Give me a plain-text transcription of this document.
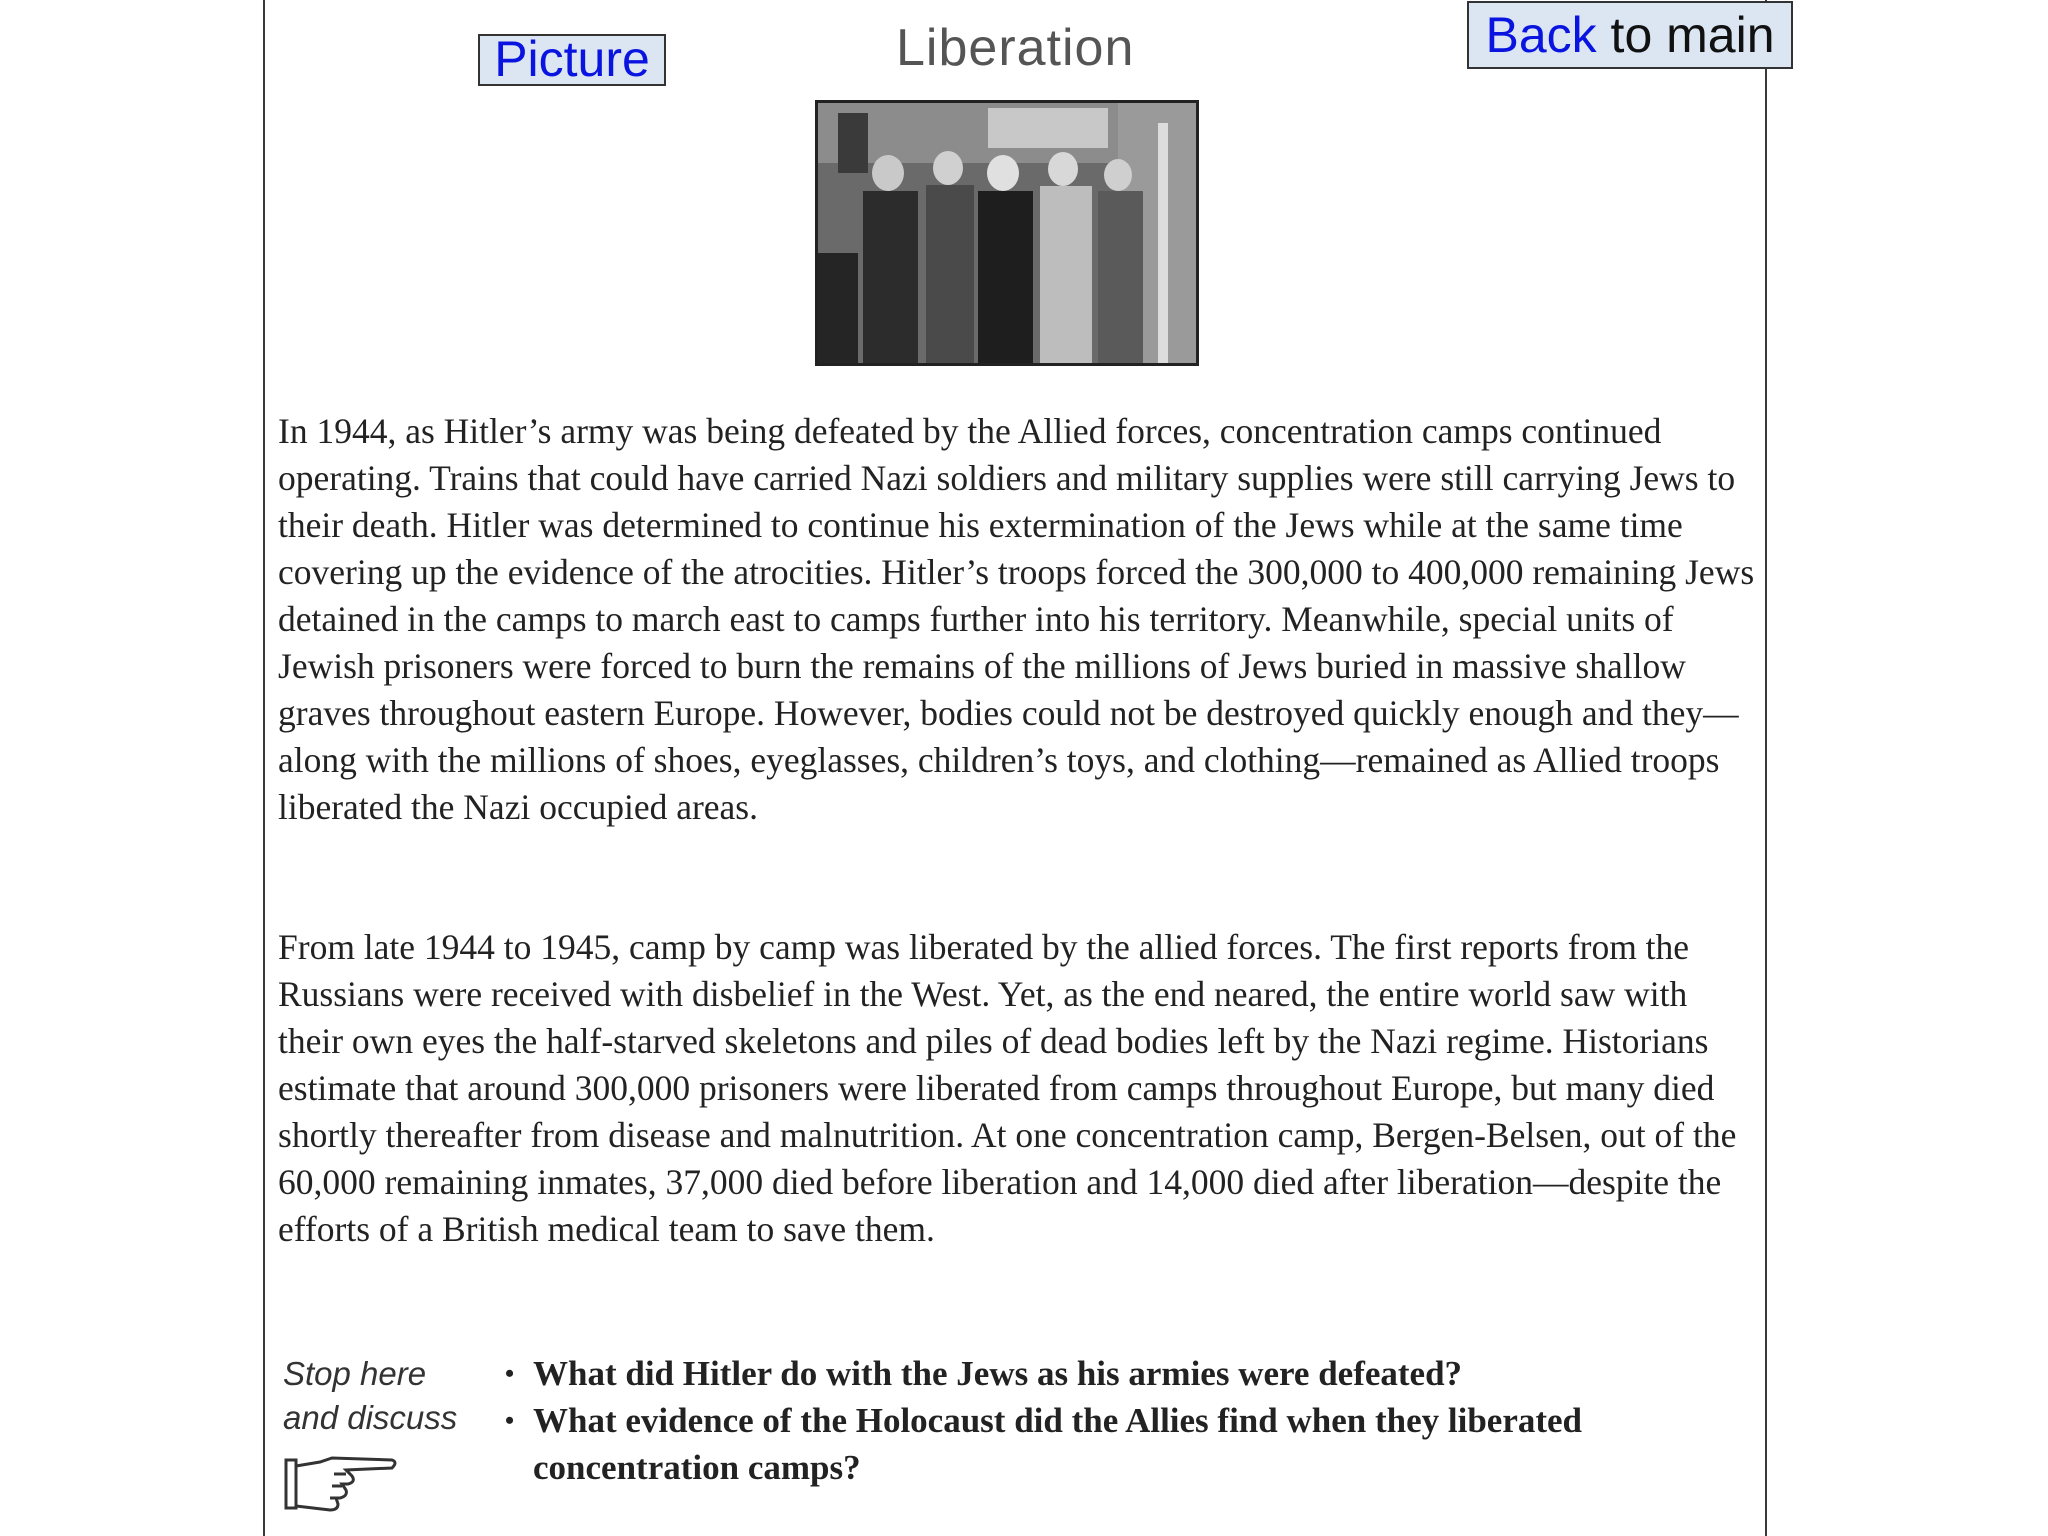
Picture	Liberation	Back to main

In 1944, as Hitler’s army was being defeated by the Allied forces, concentration camps continued operating. Trains that could have carried Nazi soldiers and military supplies were still carrying Jews to their death. Hitler was determined to continue his extermination of the Jews while at the same time covering up the evidence of the atrocities. Hitler’s troops forced the 300,000 to 400,000 remaining Jews detained in the camps to march east to camps further into his territory. Meanwhile, special units of Jewish prisoners were forced to burn the remains of the millions of Jews buried in massive shallow graves throughout eastern Europe. However, bodies could not be destroyed quickly enough and they—along with the millions of shoes, eyeglasses, children’s toys, and clothing—remained as Allied troops liberated the Nazi occupied areas.

From late 1944 to 1945, camp by camp was liberated by the allied forces. The first reports from the Russians were received with disbelief in the West. Yet, as the end neared, the entire world saw with their own eyes the half-starved skeletons and piles of dead bodies left by the Nazi regime. Historians estimate that around 300,000 prisoners were liberated from camps throughout Europe, but many died shortly thereafter from disease and malnutrition. At one concentration camp, Bergen-Belsen, out of the 60,000 remaining inmates, 37,000 died before liberation and 14,000 died after liberation—despite the efforts of a British medical team to save them.

Stop here
and discuss
• What did Hitler do with the Jews as his armies were defeated?
• What evidence of the Holocaust did the Allies find when they liberated concentration camps?
